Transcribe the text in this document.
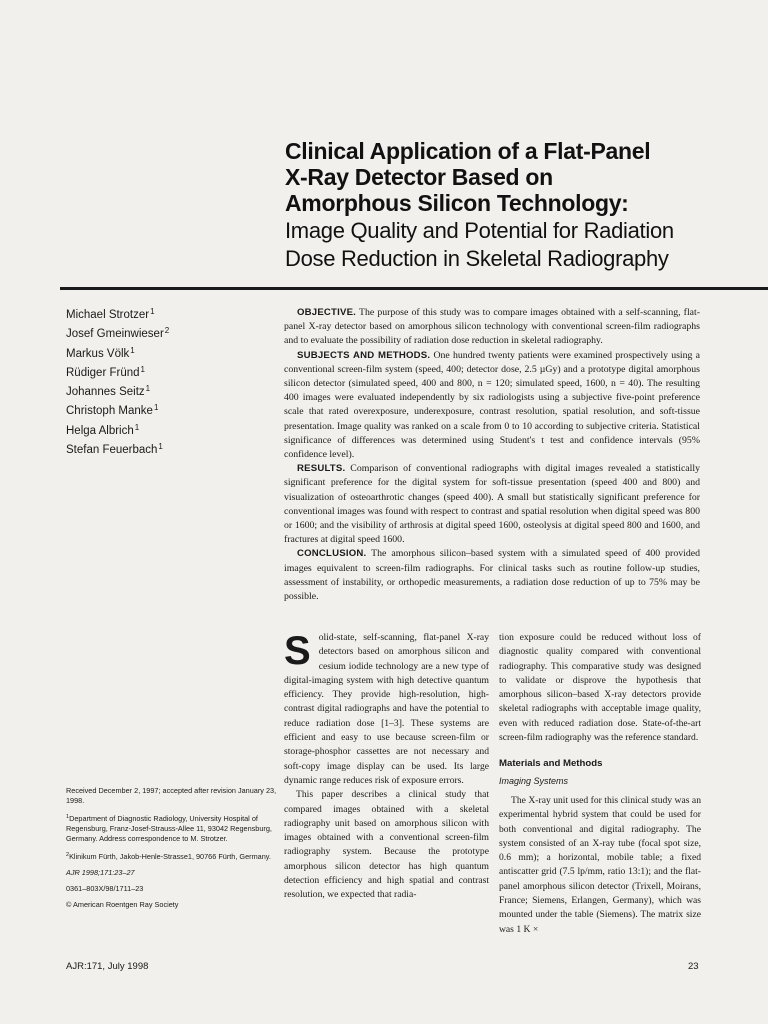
Clinical Application of a Flat-Panel
X-Ray Detector Based on
Amorphous Silicon Technology:
Image Quality and Potential for Radiation
Dose Reduction in Skeletal Radiography
Michael Strotzer$^1$
Josef Gmeinwieser$^2$
Markus Völk$^1$
Rüdiger Fründ$^1$
Johannes Seitz$^1$
Christoph Manke$^1$
Helga Albrich$^1$
Stefan Feuerbach$^1$

OBJECTIVE. The purpose of this study was to compare images obtained with a self-scanning, flat-panel X-ray detector based on amorphous silicon technology with conventional screen-film radiographs and to evaluate the possibility of radiation dose reduction in skeletal radiography.

SUBJECTS AND METHODS. One hundred twenty patients were examined prospectively using a conventional screen-film system (speed, 400; detector dose, 2.5 µGy) and a prototype digital amorphous silicon detector (simulated speed, 400 and 800, n = 120; simulated speed, 1600, n = 40). The resulting 400 images were evaluated independently by six radiologists using a subjective five-point preference scale that rated overexposure, underexposure, contrast resolution, spatial resolution, and soft-tissue presentation. Image quality was ranked on a scale from 0 to 10 according to subjective criteria. Statistical significance of differences was determined using Student's t test and confidence intervals (95% confidence level).

RESULTS. Comparison of conventional radiographs with digital images revealed a statistically significant preference for the digital system for soft-tissue presentation (speed 400 and 800) and visualization of osteoarthrotic changes (speed 400). A small but statistically significant preference for conventional images was found with respect to contrast and spatial resolution when digital speed was 800 or 1600; and the visibility of arthrosis at digital speed 1600, osteolysis at digital speed 800 and 1600, and fractures at digital speed 1600.

CONCLUSION. The amorphous silicon–based system with a simulated speed of 400 provided images equivalent to screen-film radiographs. For clinical tasks such as routine follow-up studies, assessment of instability, or orthopedic measurements, a radiation dose reduction of up to 75% may be possible.

Solid-state, self-scanning, flat-panel X-ray detectors based on amorphous silicon and cesium iodide technology are a new type of digital-imaging system with high detective quantum efficiency. They provide high-resolution, high-contrast digital radiographs and have the potential to reduce radiation dose [1–3]. These systems are efficient and easy to use because screen-film or storage-phosphor cassettes are not necessary and soft-copy image display can be used. Its large dynamic range reduces risk of exposure errors.

This paper describes a clinical study that compared images obtained with a skeletal radiography unit based on amorphous silicon with images obtained with a conventional screen-film radiography system. Because the prototype amorphous silicon detector has high quantum detection efficiency and high spatial and contrast resolution, we expected that radia-

tion exposure could be reduced without loss of diagnostic quality compared with conventional radiography. This comparative study was designed to validate or disprove the hypothesis that amorphous silicon–based X-ray detectors provide skeletal radiographs with acceptable image quality, even with reduced radiation dose. State-of-the-art screen-film radiography was the reference standard.

Materials and Methods
Imaging Systems

The X-ray unit used for this clinical study was an experimental hybrid system that could be used for both conventional and digital radiography. The system consisted of an X-ray tube (focal spot size, 0.6 mm); a horizontal, mobile table; a fixed antiscatter grid (7.5 lp/mm, ratio 13:1); and the flat-panel amorphous silicon detector (Trixell, Moirans, France; Siemens, Erlangen, Germany), which was mounted under the table (Siemens). The matrix size was 1 K ×

Received December 2, 1997; accepted after revision January 23, 1998.

$^1$Department of Diagnostic Radiology, University Hospital of Regensburg, Franz-Josef-Strauss-Allee 11, 93042 Regensburg, Germany. Address correspondence to M. Strotzer.

$^2$Klinikum Fürth, Jakob-Henle-Strasse1, 90766 Fürth, Germany.

AJR 1998;171:23–27

0361–803X/98/1711–23

© American Roentgen Ray Society

AJR:171, July 1998	23
